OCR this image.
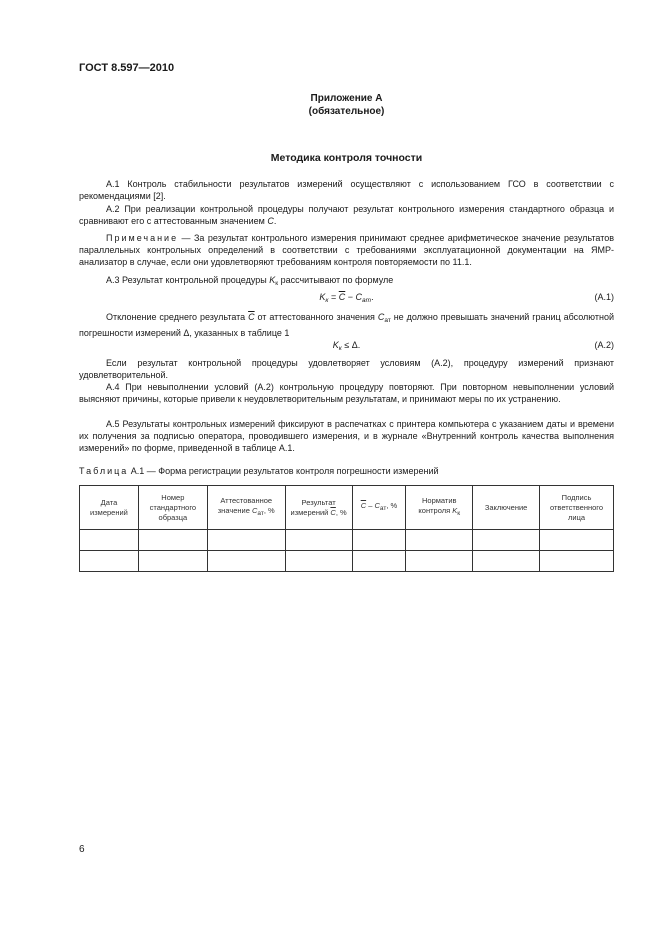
ГОСТ 8.597—2010
Приложение А
(обязательное)
Методика контроля точности
А.1 Контроль стабильности результатов измерений осуществляют с использованием ГСО в соответствии с рекомендациями [2].
А.2 При реализации контрольной процедуры получают результат контрольного измерения стандартного образца и сравнивают его с аттестованным значением С.
Примечание — За результат контрольного измерения принимают среднее арифметическое значение результатов параллельных контрольных определений в соответствии с требованиями эксплуатационной документации на ЯМР-анализатор в случае, если они удовлетворяют требованиям контроля повторяемости по 11.1.
А.3 Результат контрольной процедуры $K_к$ рассчитывают по формуле
$K_к = \overline{C} - C_{ат}$.	(А.1)
Отклонение среднего результата С от аттестованного значения $С_{ат}$ не должно превышать значений границ абсолютной погрешности измерений Δ, указанных в таблице 1
$K_к \le \Delta$.	(А.2)
Если результат контрольной процедуры удовлетворяет условиям (А.2), процедуру измерений признают удовлетворительной.
А.4 При невыполнении условий (А.2) контрольную процедуру повторяют. При повторном невыполнении условий выясняют причины, которые привели к неудовлетворительным результатам, и принимают меры по их устранению.
А.5 Результаты контрольных измерений фиксируют в распечатках с принтера компьютера с указанием даты и времени их получения за подписью оператора, проводившего измерения, и в журнале «Внутренний контроль качества выполнения измерений» по форме, приведенной в таблице А.1.
Таблица А.1 — Форма регистрации результатов контроля погрешности измерений
Дата измерений	Номер стандартного образца	Аттестованное значение $С_{ат}$, %	Результат измерений С, %	С – $С_{ат}$, %	Норматив контроля $K_к$	Заключение	Подпись ответственного лица

6
